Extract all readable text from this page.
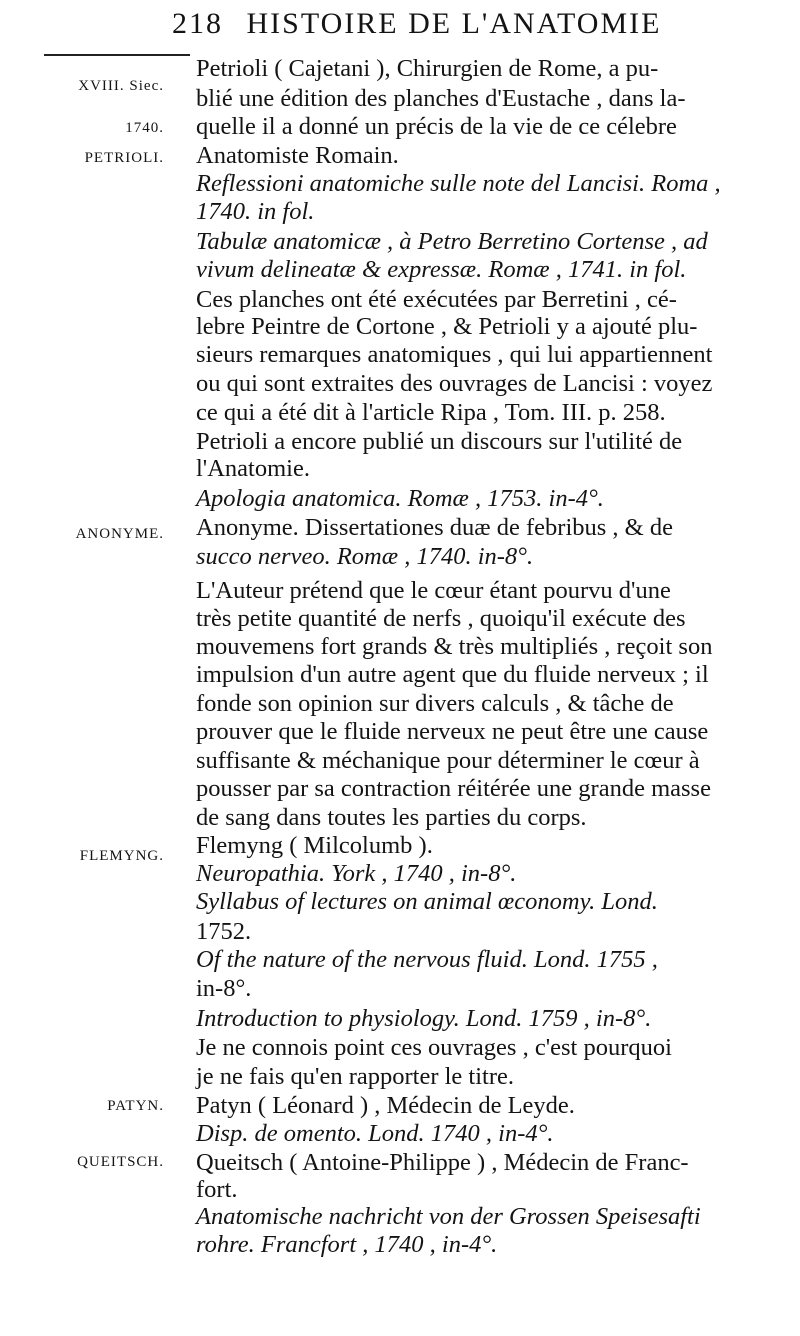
218 HISTOIRE DE L'ANATOMIE
XVIII. Siec.
1740.
PETRIOLI.
ANONYME.
FLEMYNG.
PATYN.
QUEITSCH.
Petrioli ( Cajetani ), Chirurgien de Rome, a pu-
blié une édition des planches d'Eustache , dans la-
quelle il a donné un précis de la vie de ce célebre
Anatomiste Romain.
Reflessioni anatomiche sulle note del Lancisi. Roma ,
1740. in fol.
Tabulæ anatomicæ , à Petro Berretino Cortense , ad
vivum delineatæ & expressæ. Romæ , 1741. in fol.
Ces planches ont été exécutées par Berretini , cé-
lebre Peintre de Cortone , & Petrioli y a ajouté plu-
sieurs remarques anatomiques , qui lui appartiennent
ou qui sont extraites des ouvrages de Lancisi : voyez
ce qui a été dit à l'article Ripa , Tom. III. p. 258.
Petrioli a encore publié un discours sur l'utilité de
l'Anatomie.
Apologia anatomica. Romæ , 1753. in-4°.
Anonyme. Dissertationes duæ de febribus , & de
succo nerveo. Romæ , 1740. in-8°.
L'Auteur prétend que le cœur étant pourvu d'une
très petite quantité de nerfs , quoiqu'il exécute des
mouvemens fort grands & très multipliés , reçoit son
impulsion d'un autre agent que du fluide nerveux ; il
fonde son opinion sur divers calculs , & tâche de
prouver que le fluide nerveux ne peut être une cause
suffisante & méchanique pour déterminer le cœur à
pousser par sa contraction réitérée une grande masse
de sang dans toutes les parties du corps.
Flemyng ( Milcolumb ).
Neuropathia. York , 1740 , in-8°.
Syllabus of lectures on animal œconomy. Lond.
1752.
Of the nature of the nervous fluid. Lond. 1755 ,
in-8°.
Introduction to physiology. Lond. 1759 , in-8°.
Je ne connois point ces ouvrages , c'est pourquoi
je ne fais qu'en rapporter le titre.
Patyn ( Léonard ) , Médecin de Leyde.
Disp. de omento. Lond. 1740 , in-4°.
Queitsch ( Antoine-Philippe ) , Médecin de Franc-
fort.
Anatomische nachricht von der Grossen Speisesafti
rohre. Francfort , 1740 , in-4°.
